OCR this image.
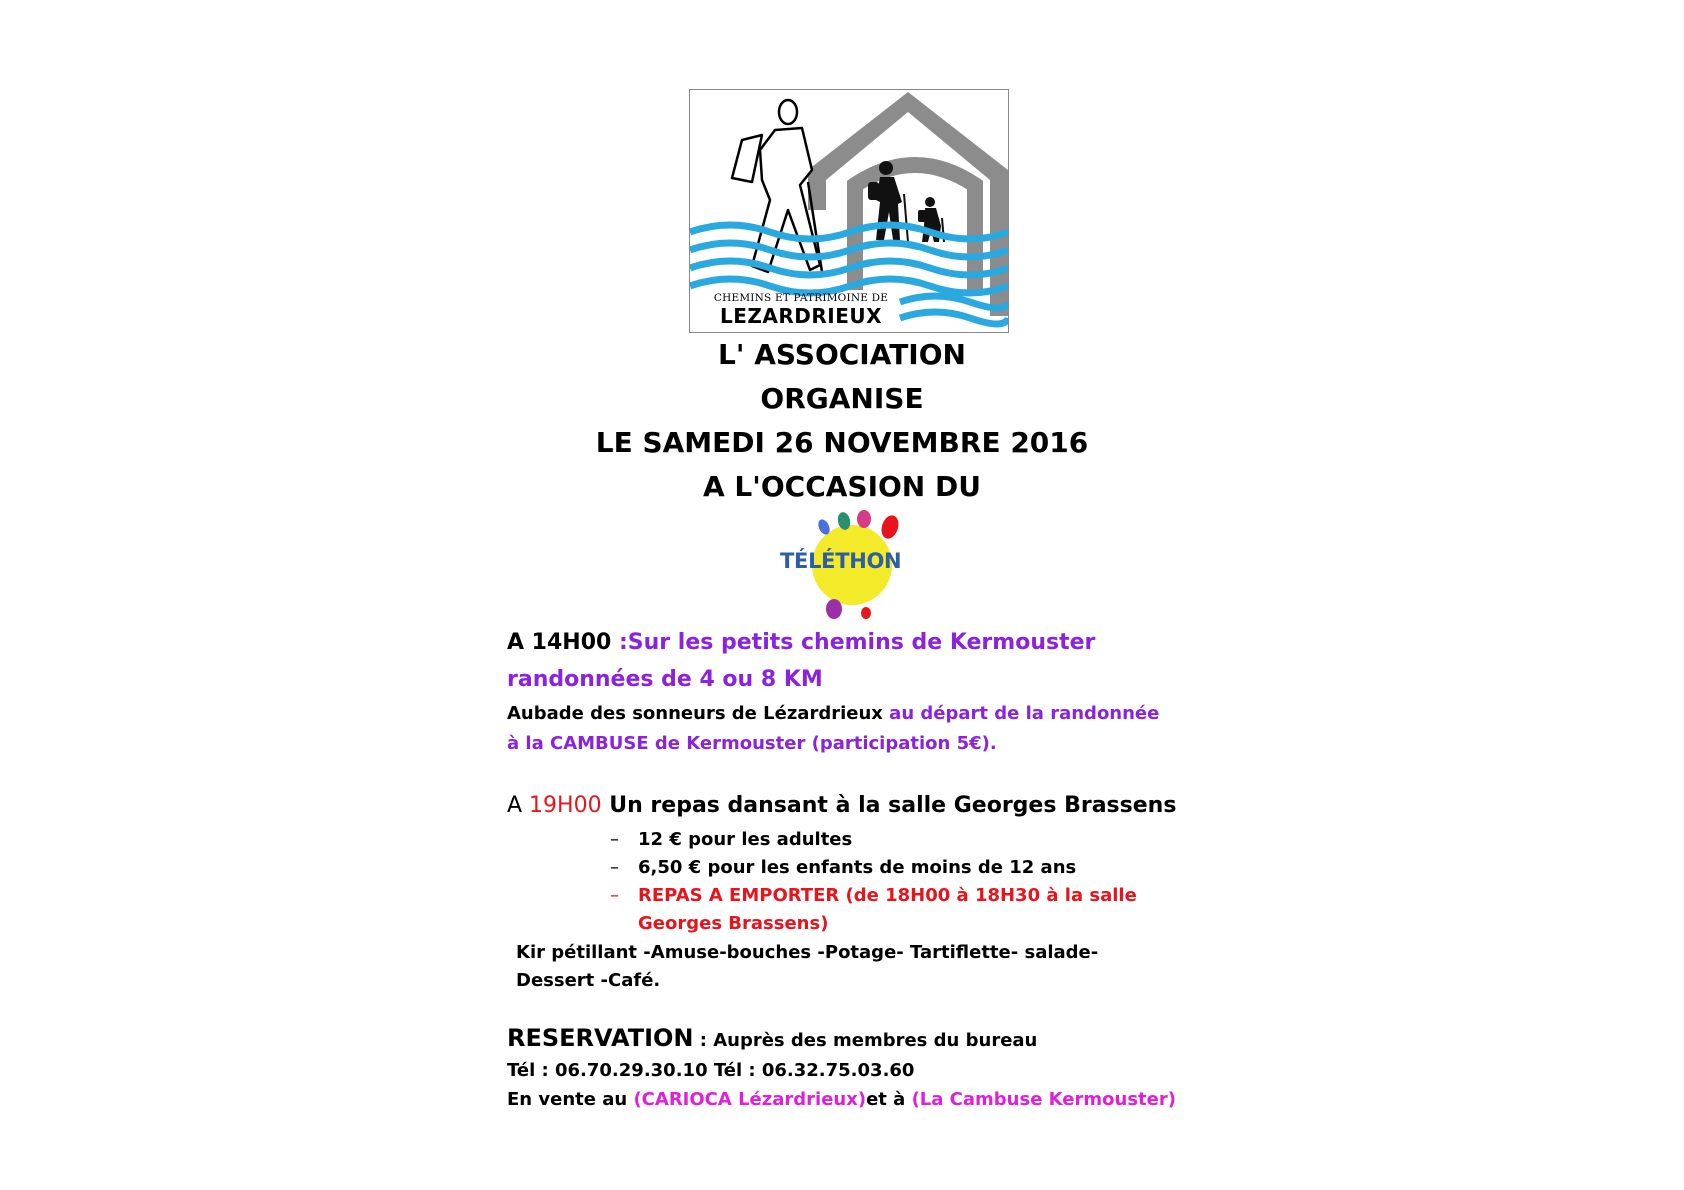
CHEMINS ET PATRIMOINE DE
LEZARDRIEUX
L' ASSOCIATION
ORGANISE
LE SAMEDI 26 NOVEMBRE 2016
A L'OCCASION DU
TÉLÉTHON
A 14H00 :Sur les petits chemins de Kermouster
randonnées de 4 ou 8 KM
Aubade des sonneurs de Lézardrieux au départ de la randonnée
à la CAMBUSE de Kermouster (participation 5€).
A 19H00 Un repas dansant à la salle Georges Brassens
– 12 € pour les adultes
– 6,50 € pour les enfants de moins de 12 ans
– REPAS A EMPORTER (de 18H00 à 18H30 à la salle
Georges Brassens)
Kir pétillant -Amuse-bouches -Potage- Tartiflette- salade-
Dessert -Café.
RESERVATION : Auprès des membres du bureau
Tél : 06.70.29.30.10 Tél : 06.32.75.03.60
En vente au (CARIOCA Lézardrieux)et à (La Cambuse Kermouster)
